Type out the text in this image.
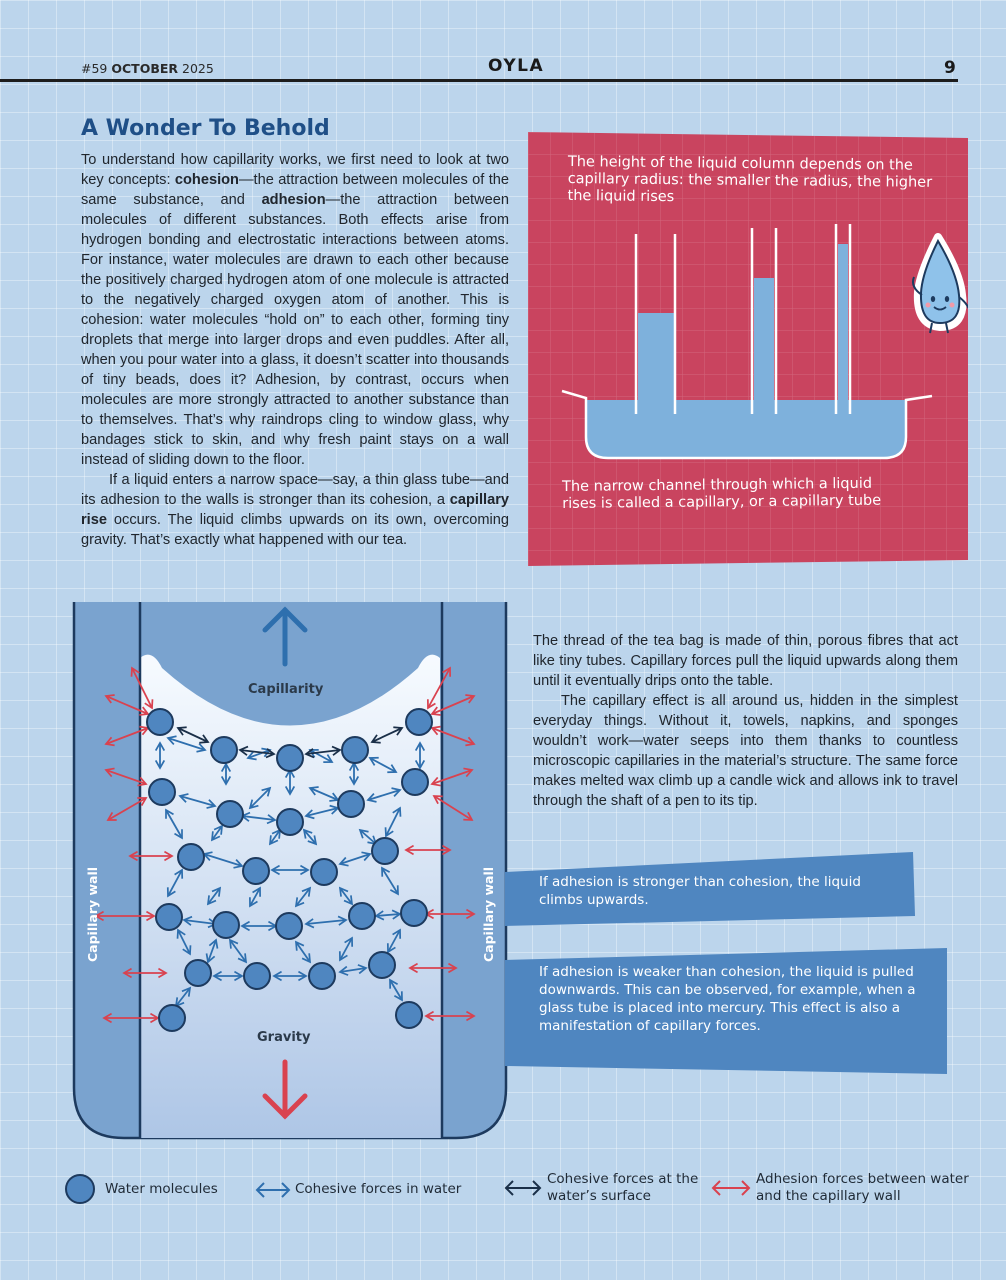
#59 OCTOBER 2025	OYLA	9
A Wonder To Behold

To understand how capillarity works, we first need to look at two key concepts: cohesion—the attraction between molecules of the same substance, and adhesion—the attraction between molecules of different substances. Both effects arise from hydrogen bonding and electrostatic interactions between atoms. For instance, water molecules are drawn to each other because the positively charged hydrogen atom of one molecule is attracted to the negatively charged oxygen atom of another. This is cohesion: water molecules “hold on” to each other, forming tiny droplets that merge into larger drops and even puddles. After all, when you pour water into a glass, it doesn’t scatter into thousands of tiny beads, does it? Adhesion, by contrast, occurs when molecules are more strongly attracted to another substance than to themselves. That’s why raindrops cling to window glass, why bandages stick to skin, and why fresh paint stays on a wall instead of sliding down to the floor.

If a liquid enters a narrow space—say, a thin glass tube—and its adhesion to the walls is stronger than its cohesion, a capillary rise occurs. The liquid climbs upwards on its own, overcoming gravity. That’s exactly what happened with our tea.

The height of the liquid column depends on the capillary radius: the smaller the radius, the higher the liquid rises
The narrow channel through which a liquid rises is called a capillary, or a capillary tube
Capillarity
Gravity
Capillary wall	Capillary wall

The thread of the tea bag is made of thin, porous fibres that act like tiny tubes. Capillary forces pull the liquid upwards along them until it eventually drips onto the table.

The capillary effect is all around us, hidden in the simplest everyday things. Without it, towels, napkins, and sponges wouldn’t work—water seeps into them thanks to countless microscopic capillaries in the material’s structure. The same force makes melted wax climb up a candle wick and allows ink to travel through the shaft of a pen to its tip.

If adhesion is stronger than cohesion, the liquid climbs upwards.
If adhesion is weaker than cohesion, the liquid is pulled downwards. This can be observed, for example, when a glass tube is placed into mercury. This effect is also a manifestation of capillary forces.
Water molecules	Cohesive forces in water
Cohesive forces at the water’s surface
Adhesion forces between water and the capillary wall
